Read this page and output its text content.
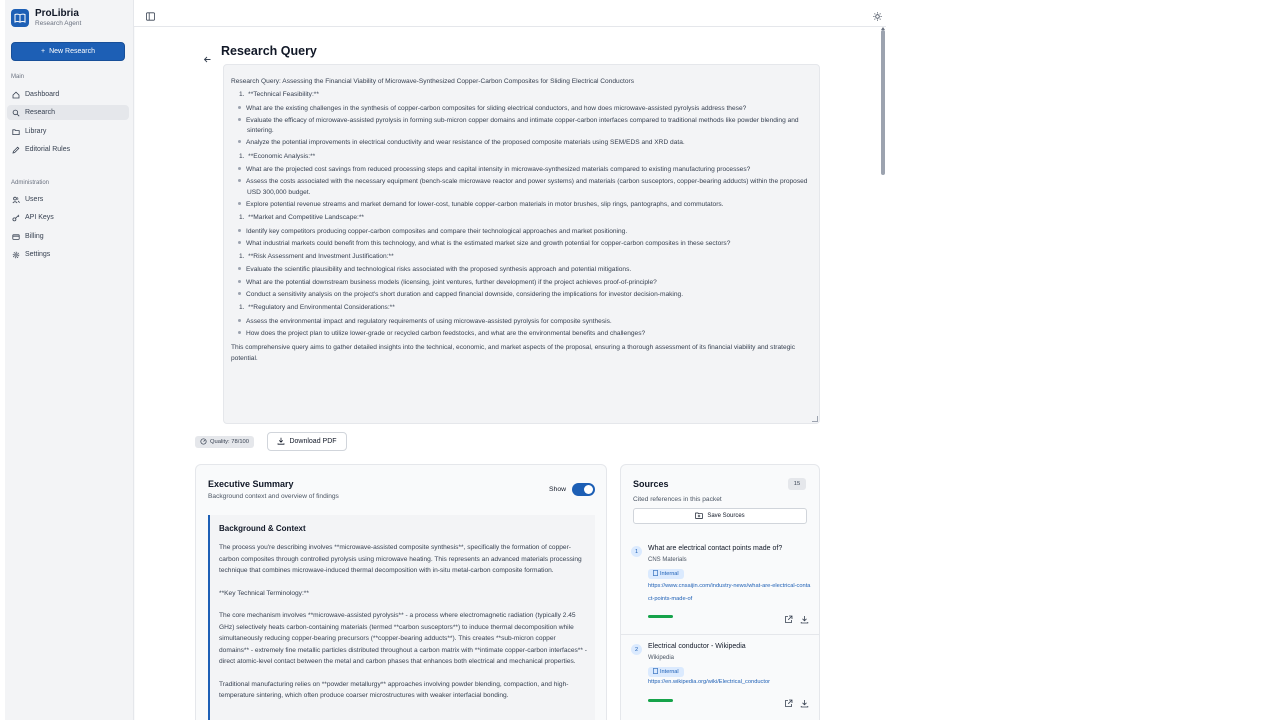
ProLibria
Research Agent
+ New Research
Main
Dashboard
Research
Library
Editorial Rules
Administration
Users
API Keys
Billing
Settings
Research Query
Research Query: Assessing the Financial Viability of Microwave-Synthesized Copper-Carbon Composites for Sliding Electrical Conductors
1. **Technical Feasibility:**
What are the existing challenges in the synthesis of copper-carbon composites for sliding electrical conductors, and how does microwave-assisted pyrolysis address these?
Evaluate the efficacy of microwave-assisted pyrolysis in forming sub-micron copper domains and intimate copper-carbon interfaces compared to traditional methods like powder blending and sintering.
Analyze the potential improvements in electrical conductivity and wear resistance of the proposed composite materials using SEM/EDS and XRD data.
1. **Economic Analysis:**
What are the projected cost savings from reduced processing steps and capital intensity in microwave-synthesized materials compared to existing manufacturing processes?
Assess the costs associated with the necessary equipment (bench-scale microwave reactor and power systems) and materials (carbon susceptors, copper-bearing adducts) within the proposed USD 300,000 budget.
Explore potential revenue streams and market demand for lower-cost, tunable copper-carbon materials in motor brushes, slip rings, pantographs, and commutators.
1. **Market and Competitive Landscape:**
Identify key competitors producing copper-carbon composites and compare their technological approaches and market positioning.
What industrial markets could benefit from this technology, and what is the estimated market size and growth potential for copper-carbon composites in these sectors?
1. **Risk Assessment and Investment Justification:**
Evaluate the scientific plausibility and technological risks associated with the proposed synthesis approach and potential mitigations.
What are the potential downstream business models (licensing, joint ventures, further development) if the project achieves proof-of-principle?
Conduct a sensitivity analysis on the project's short duration and capped financial downside, considering the implications for investor decision-making.
1. **Regulatory and Environmental Considerations:**
Assess the environmental impact and regulatory requirements of using microwave-assisted pyrolysis for composite synthesis.
How does the project plan to utilize lower-grade or recycled carbon feedstocks, and what are the environmental benefits and challenges?
This comprehensive query aims to gather detailed insights into the technical, economic, and market aspects of the proposal, ensuring a thorough assessment of its financial viability and strategic potential.
Quality: 78/100	Download PDF
Executive Summary
Background context and overview of findings
Show
Background & Context

The process you're describing involves **microwave-assisted composite synthesis**, specifically the formation of copper-carbon composites through controlled pyrolysis using microwave heating. This represents an advanced materials processing technique that combines microwave-induced thermal decomposition with in-situ metal-carbon composite formation.

**Key Technical Terminology:**

The core mechanism involves **microwave-assisted pyrolysis** - a process where electromagnetic radiation (typically 2.45 GHz) selectively heats carbon-containing materials (termed **carbon susceptors**) to induce thermal decomposition while simultaneously reducing copper-bearing precursors (**copper-bearing adducts**). This creates **sub-micron copper domains** - extremely fine metallic particles distributed throughout a carbon matrix with **intimate copper-carbon interfaces** - direct atomic-level contact between the metal and carbon phases that enhances both electrical and mechanical properties.

Traditional manufacturing relies on **powder metallurgy** approaches involving powder blending, compaction, and high-temperature sintering, which often produce coarser microstructures with weaker interfacial bonding.

Sources	15
Cited references in this packet
Save Sources
1	What are electrical contact points made of?
CNS Materials
Internal
https://www.cnsaijin.com/industry-news/what-are-electrical-contact-points-made-of
2	Electrical conductor - Wikipedia
Wikipedia
Internal
https://en.wikipedia.org/wiki/Electrical_conductor
